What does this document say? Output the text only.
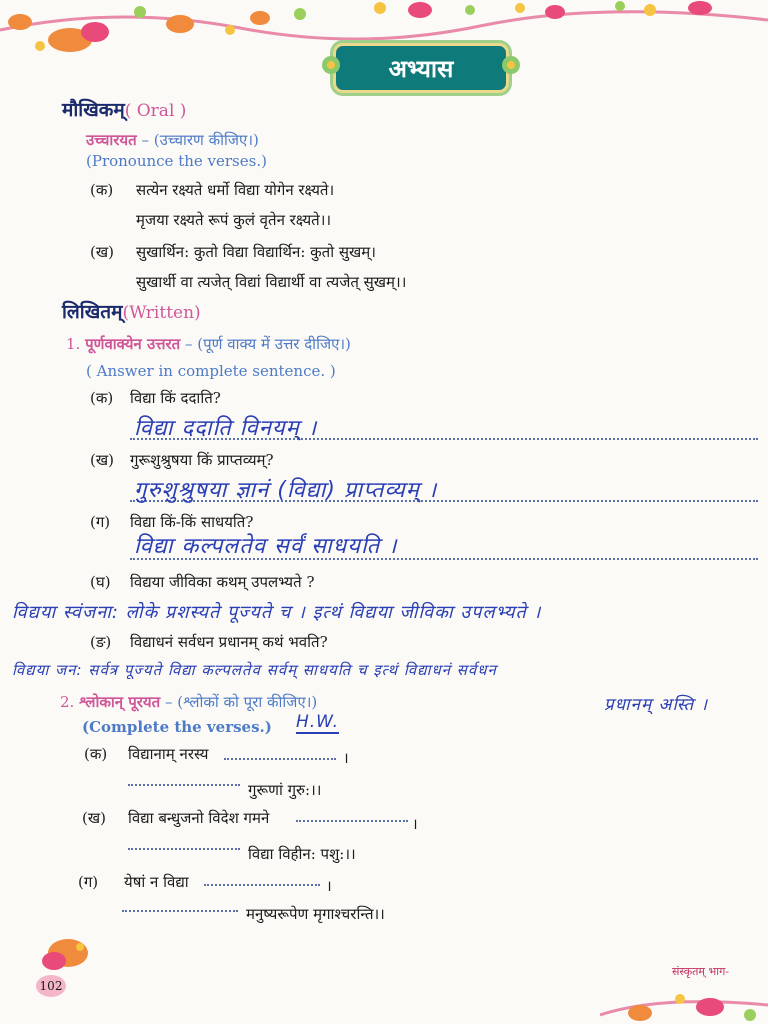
अभ्यास
मौखिकम्( Oral )
उच्चारयत – (उच्चारण कीजिए।)
(Pronounce the verses.)
(क) सत्येन रक्ष्यते धर्मो विद्या योगेन रक्ष्यते।
मृजया रक्ष्यते रूपं कुलं वृतेन रक्ष्यते।।
(ख) सुखार्थिन: कुतो विद्या विद्यार्थिन: कुतो सुखम्।
सुखार्थी वा त्यजेत् विद्यां विद्यार्थी वा त्यजेत् सुखम्।।
लिखितम्(Written)
1. पूर्णवाक्येन उत्तरत – (पूर्ण वाक्य में उत्तर दीजिए।)
( Answer in complete sentence. )
(क) विद्या किं ददाति?
विद्या ददाति विनयम् ।
(ख) गुरूशुश्रुषया किं प्राप्तव्यम्?
गुरुशुश्रुषया ज्ञानं (विद्या) प्राप्तव्यम् ।
(ग) विद्या किं-किं साधयति?
विद्या कल्पलतेव सर्वं साधयति ।
(घ) विद्यया जीविका कथम् उपलभ्यते ?
विद्यया स्वंजना: लोके प्रशस्यते पूज्यते च । इत्थं विद्यया जीविका उपलभ्यते ।
(ङ) विद्याधनं सर्वधन प्रधानम् कथं भवति?
विद्यया जन: सर्वत्र पूज्यते विद्या कल्पलतेव सर्वम् साधयति च इत्थं विद्याधनं सर्वधन
प्रधानम् अस्ति ।
2. श्लोकान् पूरयत – (श्लोकों को पूरा कीजिए।)
(Complete the verses.) H.W.
(क) विद्यानाम् नरस्य	।
गुरूणां गुरु:।।
(ख) विद्या बन्धुजनो विदेश गमने	।
विद्या विहीन: पशु:।।
(ग) येषां न विद्या	।
मनुष्यरूपेण मृगाश्चरन्ति।।
102
संस्कृतम् भाग-
